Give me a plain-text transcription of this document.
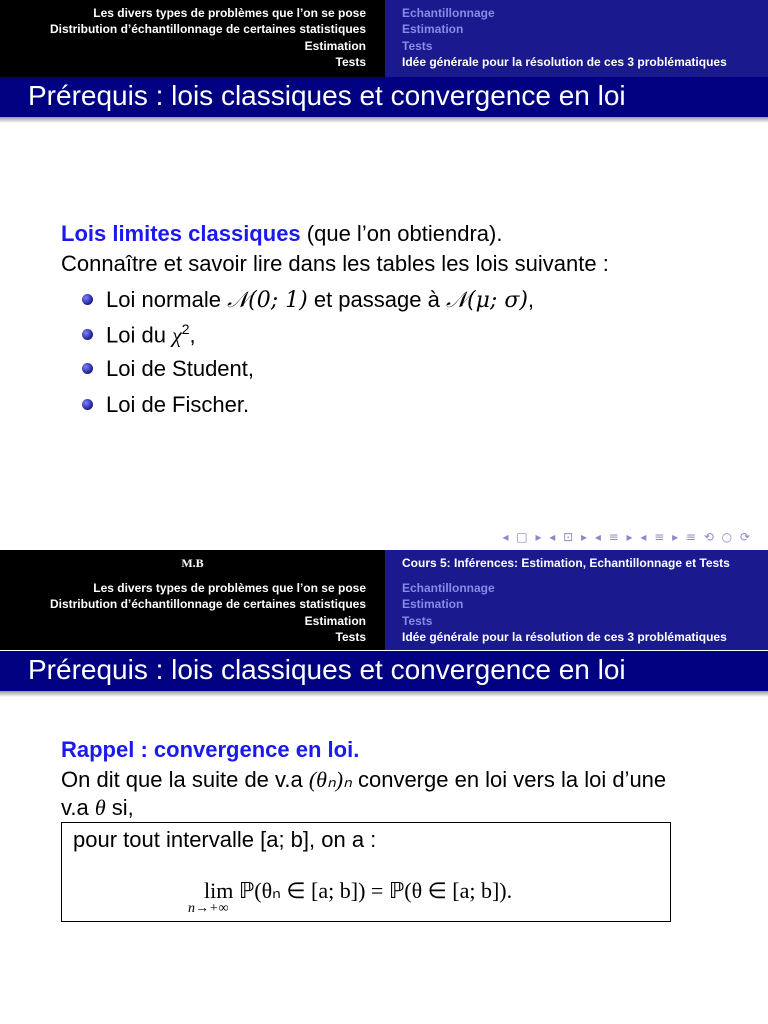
Les divers types de problèmes que l’on se pose
Distribution d’échantillonnage de certaines statistiques
Estimation
Tests
Echantillonnage
Estimation
Tests
Idée générale pour la résolution de ces 3 problématiques
Prérequis : lois classiques et convergence en loi
Lois limites classiques (que l’on obtiendra).
Connaître et savoir lire dans les tables les lois suivante :
Loi normale 𝒩(0; 1) et passage à 𝒩(μ; σ),
Loi du $\chi^2$,
Loi de Student,
Loi de Fischer.
◂ □ ▸ ◂ ⊡ ▸ ◂ ≡ ▸ ◂ ≡ ▸ ≡ ⟲ ○ ⟳
M.B
Les divers types de problèmes que l’on se pose
Distribution d’échantillonnage de certaines statistiques
Estimation
Tests
Cours 5: Inférences: Estimation, Echantillonnage et Tests
Echantillonnage
Estimation
Tests
Idée générale pour la résolution de ces 3 problématiques
Prérequis : lois classiques et convergence en loi
Rappel : convergence en loi.
On dit que la suite de v.a (θₙ)ₙ converge en loi vers la loi d’une
v.a θ si,
pour tout intervalle [a; b], on a :
lim ℙ(θₙ ∈ [a; b]) = ℙ(θ ∈ [a; b]).
n→+∞
